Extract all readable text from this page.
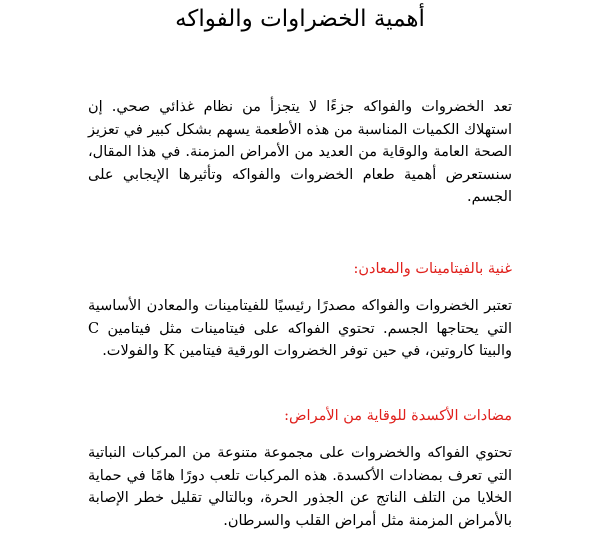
أهمية الخضراوات والفواكه

تعد الخضروات والفواكه جزءًا لا يتجزأ من نظام غذائي صحي. إن استهلاك الكميات المناسبة من هذه الأطعمة يسهم بشكل كبير في تعزيز الصحة العامة والوقاية من العديد من الأمراض المزمنة. في هذا المقال، سنستعرض أهمية طعام الخضروات والفواكه وتأثيرها الإيجابي على الجسم.

غنية بالفيتامينات والمعادن:

تعتبر الخضروات والفواكه مصدرًا رئيسيًا للفيتامينات والمعادن الأساسية التي يحتاجها الجسم. تحتوي الفواكه على فيتامينات مثل فيتامين C والبيتا كاروتين، في حين توفر الخضروات الورقية فيتامين K والفولات.

مضادات الأكسدة للوقاية من الأمراض:

تحتوي الفواكه والخضروات على مجموعة متنوعة من المركبات النباتية التي تعرف بمضادات الأكسدة. هذه المركبات تلعب دورًا هامًا في حماية الخلايا من التلف الناتج عن الجذور الحرة، وبالتالي تقليل خطر الإصابة بالأمراض المزمنة مثل أمراض القلب والسرطان.
